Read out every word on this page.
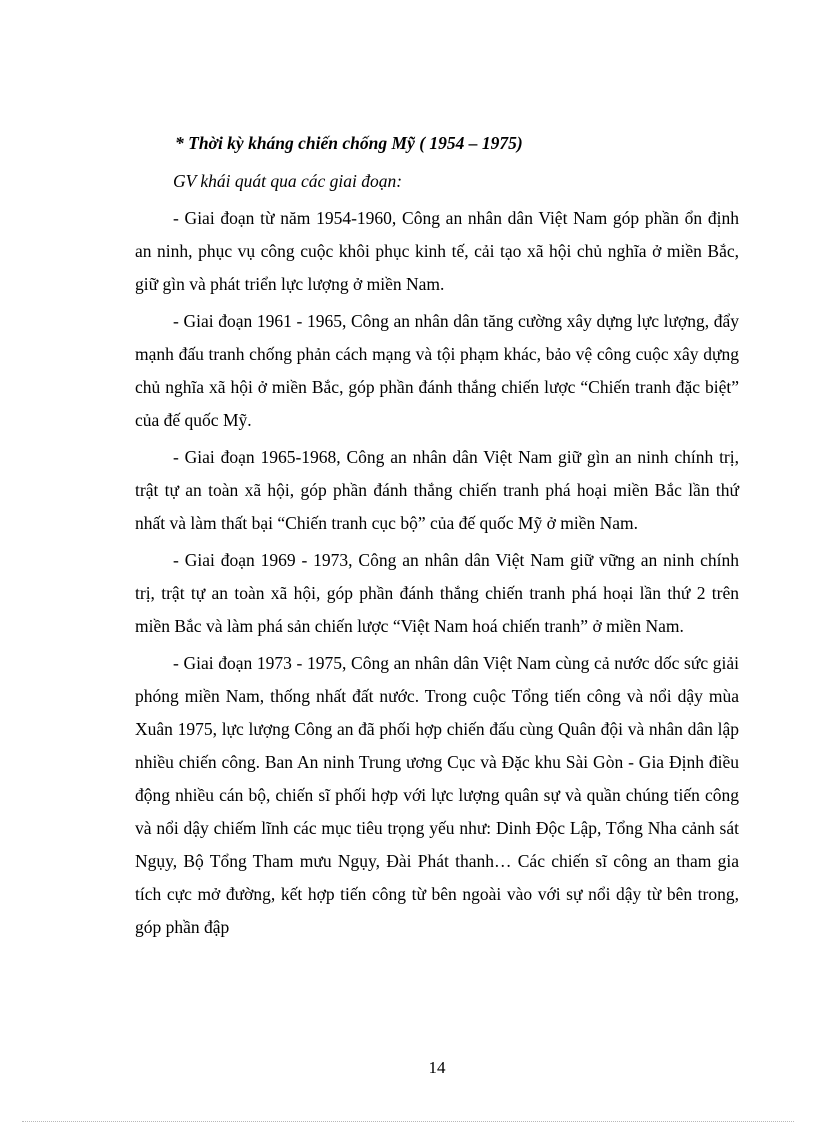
* Thời kỳ kháng chiến chống Mỹ ( 1954 – 1975)

GV khái quát qua các giai đoạn:

- Giai đoạn từ năm 1954-1960, Công an nhân dân Việt Nam góp phần ổn định an ninh, phục vụ công cuộc khôi phục kinh tế, cải tạo xã hội chủ nghĩa ở miền Bắc, giữ gìn và phát triển lực lượng ở miền Nam.

- Giai đoạn 1961 - 1965, Công an nhân dân tăng cường xây dựng lực lượng, đẩy mạnh đấu tranh chống phản cách mạng và tội phạm khác, bảo vệ công cuộc xây dựng chủ nghĩa xã hội ở miền Bắc, góp phần đánh thắng chiến lược “Chiến tranh đặc biệt” của đế quốc Mỹ.

- Giai đoạn 1965-1968, Công an nhân dân Việt Nam giữ gìn an ninh chính trị, trật tự an toàn xã hội, góp phần đánh thắng chiến tranh phá hoại miền Bắc lần thứ nhất và làm thất bại “Chiến tranh cục bộ” của đế quốc Mỹ ở miền Nam.

- Giai đoạn 1969 - 1973, Công an nhân dân Việt Nam giữ vững an ninh chính trị, trật tự an toàn xã hội, góp phần đánh thắng chiến tranh phá hoại lần thứ 2 trên miền Bắc và làm phá sản chiến lược “Việt Nam hoá chiến tranh” ở miền Nam.

- Giai đoạn 1973 - 1975, Công an nhân dân Việt Nam cùng cả nước dốc sức giải phóng miền Nam, thống nhất đất nước. Trong cuộc Tổng tiến công và nổi dậy mùa Xuân 1975, lực lượng Công an đã phối hợp chiến đấu cùng Quân đội và nhân dân lập nhiều chiến công. Ban An ninh Trung ương Cục và Đặc khu Sài Gòn - Gia Định điều động nhiều cán bộ, chiến sĩ phối hợp với lực lượng quân sự và quần chúng tiến công và nổi dậy chiếm lĩnh các mục tiêu trọng yếu như: Dinh Độc Lập, Tổng Nha cảnh sát Ngụy, Bộ Tổng Tham mưu Ngụy, Đài Phát thanh… Các chiến sĩ công an tham gia tích cực mở đường, kết hợp tiến công từ bên ngoài vào với sự nổi dậy từ bên trong, góp phần đập

14
